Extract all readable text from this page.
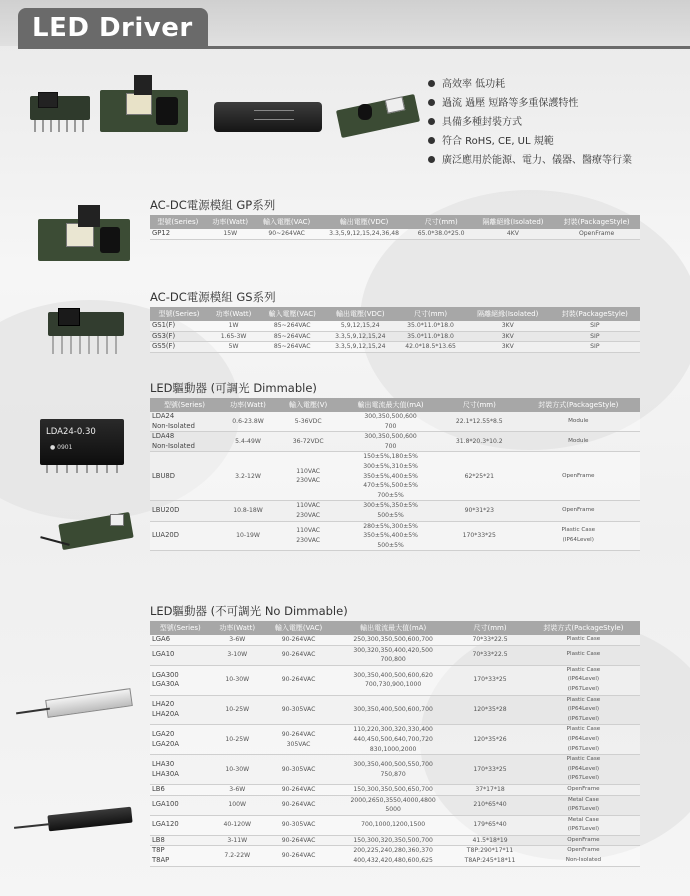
LED Driver
高效率 低功耗
過流 過壓 短路等多重保護特性
具備多種封裝方式
符合 RoHS, CE, UL 規範
廣泛應用於能源、電力、儀器、醫療等行業
AC-DC電源模組 GP系列
型號(Series)	功率(Watt)	輸入電壓(VAC)	輸出電壓(VDC)	尺寸(mm)	隔離絕緣(Isolated)	封裝(PackageStyle)
GP12	15W	90~264VAC	3.3,5,9,12,15,24,36,48	65.0*38.0*25.0	4KV	OpenFrame
AC-DC電源模組 GS系列
型號(Series)	功率(Watt)	輸入電壓(VAC)	輸出電壓(VDC)	尺寸(mm)	隔離絕緣(Isolated)	封裝(PackageStyle)
GS1(F)	1W	85~264VAC	5,9,12,15,24	35.0*11.0*18.0	3KV	SIP
GS3(F)	1.65-3W	85~264VAC	3.3,5,9,12,15,24	35.0*11.0*18.0	3KV	SIP
GS5(F)	5W	85~264VAC	3.3,5,9,12,15,24	42.0*18.5*13.65	3KV	SIP
LDA24-0.30
● 0901
LED驅動器 (可調光 Dimmable)
型號(Series)	功率(Watt)	輸入電壓(V)	輸出電流最大值(mA)	尺寸(mm)	封裝方式(PackageStyle)

LDA24
Non-Isolated	0.6-23.8W	5-36VDC	300,350,500,600
700	22.1*12.55*8.5	Module

LDA48
Non-Isolated	5.4-49W	36-72VDC	300,350,500,600
700	31.8*20.3*10.2	Module

LBU8D	3.2-12W	110VAC
230VAC	150±5%,180±5%
300±5%,310±5%
350±5%,400±5%
470±5%,500±5%
700±5%	62*25*21	OpenFrame

LBU20D	10.8-18W	110VAC
230VAC	300±5%,350±5%
500±5%	90*31*23	OpenFrame

LUA20D	10-19W	110VAC
230VAC	280±5%,300±5%
350±5%,400±5%
500±5%	170*33*25	Plastic Case
(IP64Level)
LED驅動器 (不可調光 No Dimmable)
型號(Series)	功率(Watt)	輸入電壓(VAC)	輸出電流最大值(mA)	尺寸(mm)	封裝方式(PackageStyle)

LGA6	3-6W	90-264VAC	250,300,350,500,600,700	70*33*22.5	Plastic Case

LGA10	3-10W	90-264VAC	300,320,350,400,420,500
700,800	70*33*22.5	Plastic Case

LGA300
LGA30A	10-30W	90-264VAC	300,350,400,500,600,620
700,730,900,1000	170*33*25	Plastic Case
(IP64Level)
(IP67Level)

LHA20
LHA20A	10-25W	90-305VAC	300,350,400,500,600,700	120*35*28	Plastic Case
(IP64Level)
(IP67Level)

LGA20
LGA20A	10-25W	90-264VAC
305VAC	110,220,300,320,330,400
440,450,500,640,700,720
830,1000,2000	120*35*26	Plastic Case
(IP64Level)
(IP67Level)

LHA30
LHA30A	10-30W	90-305VAC	300,350,400,500,550,700
750,870	170*33*25	Plastic Case
(IP64Level)
(IP67Level)

LB6	3-6W	90-264VAC	150,300,350,500,650,700	37*17*18	OpenFrame

LGA100	100W	90-264VAC	2000,2650,3550,4000,4800
5000	210*65*40	Metal Case
(IP67Level)

LGA120	40-120W	90-305VAC	700,1000,1200,1500	179*65*40	Metal Case
(IP67Level)

LB8	3-11W	90-264VAC	150,300,320,350,500,700	41.5*18*19	OpenFrame

T8P
T8AP	7.2-22W	90-264VAC	200,225,240,280,360,370
400,432,420,480,600,625	T8P:290*17*11
T8AP:245*18*11	OpenFrame
Non-Isolated
